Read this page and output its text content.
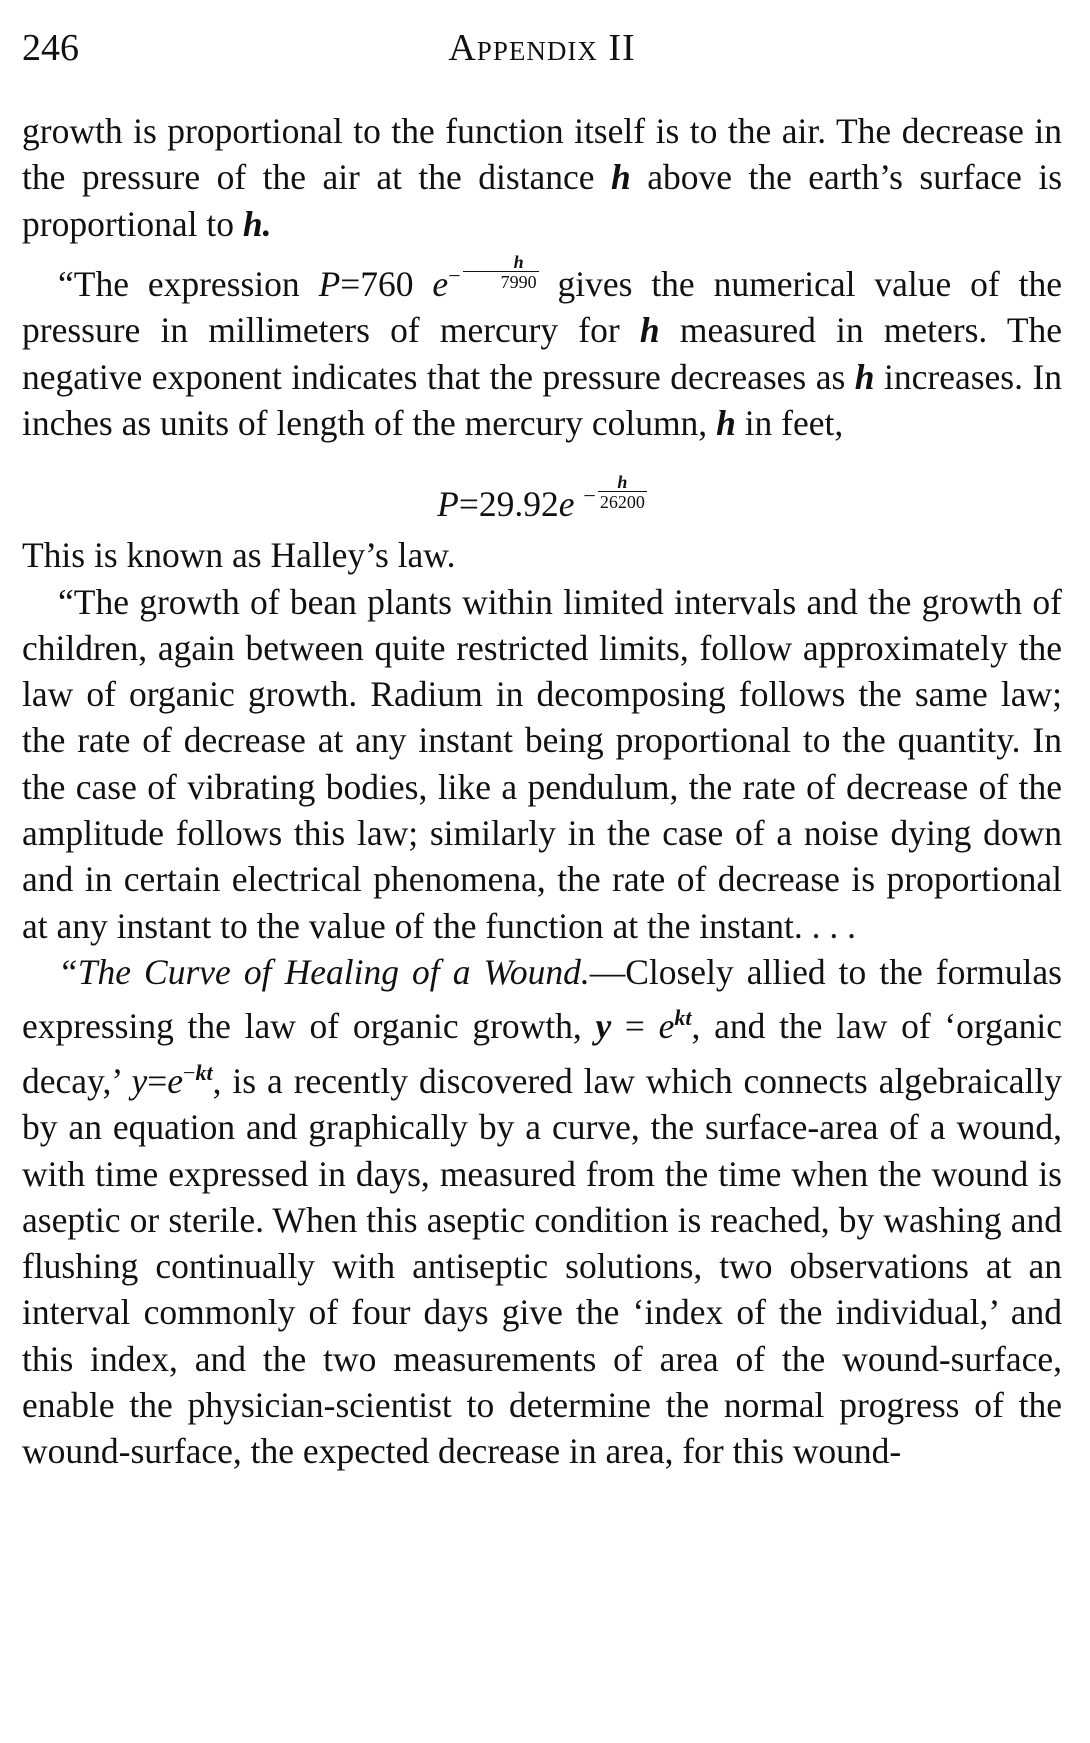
246	Appendix II

growth is proportional to the function itself is to the air. The decrease in the pressure of the air at the distance h above the earth’s surface is proportional to h.

“The expression P=760 $e^- \frac{h}{7990}$ gives the numerical value of the pressure in millimeters of mercury for h measured in meters. The negative exponent indicates that the pressure decreases as h increases. In inches as units of length of the mercury column, h in feet,

P=29.92e $^- \frac{h}{26200}$

This is known as Halley’s law.

“The growth of bean plants within limited intervals and the growth of children, again between quite restricted limits, follow approximately the law of organic growth. Radium in decomposing follows the same law; the rate of decrease at any instant being proportional to the quantity. In the case of vibrating bodies, like a pendulum, the rate of decrease of the amplitude follows this law; similarly in the case of a noise dying down and in certain electrical phenomena, the rate of decrease is proportional at any instant to the value of the function at the instant. . . .

“The Curve of Healing of a Wound.—Closely allied to the formulas expressing the law of organic growth, $y = e^{kt}$, and the law of ‘organic decay,’ $y=e^{-kt}$, is a recently discovered law which connects algebraically by an equation and graphically by a curve, the surface-area of a wound, with time expressed in days, measured from the time when the wound is aseptic or sterile. When this aseptic condition is reached, by washing and flushing continually with antiseptic solutions, two observations at an interval commonly of four days give the ‘index of the individual,’ and this index, and the two measurements of area of the wound-surface, enable the physician-scientist to determine the normal progress of the wound-surface, the expected decrease in area, for this wound-
